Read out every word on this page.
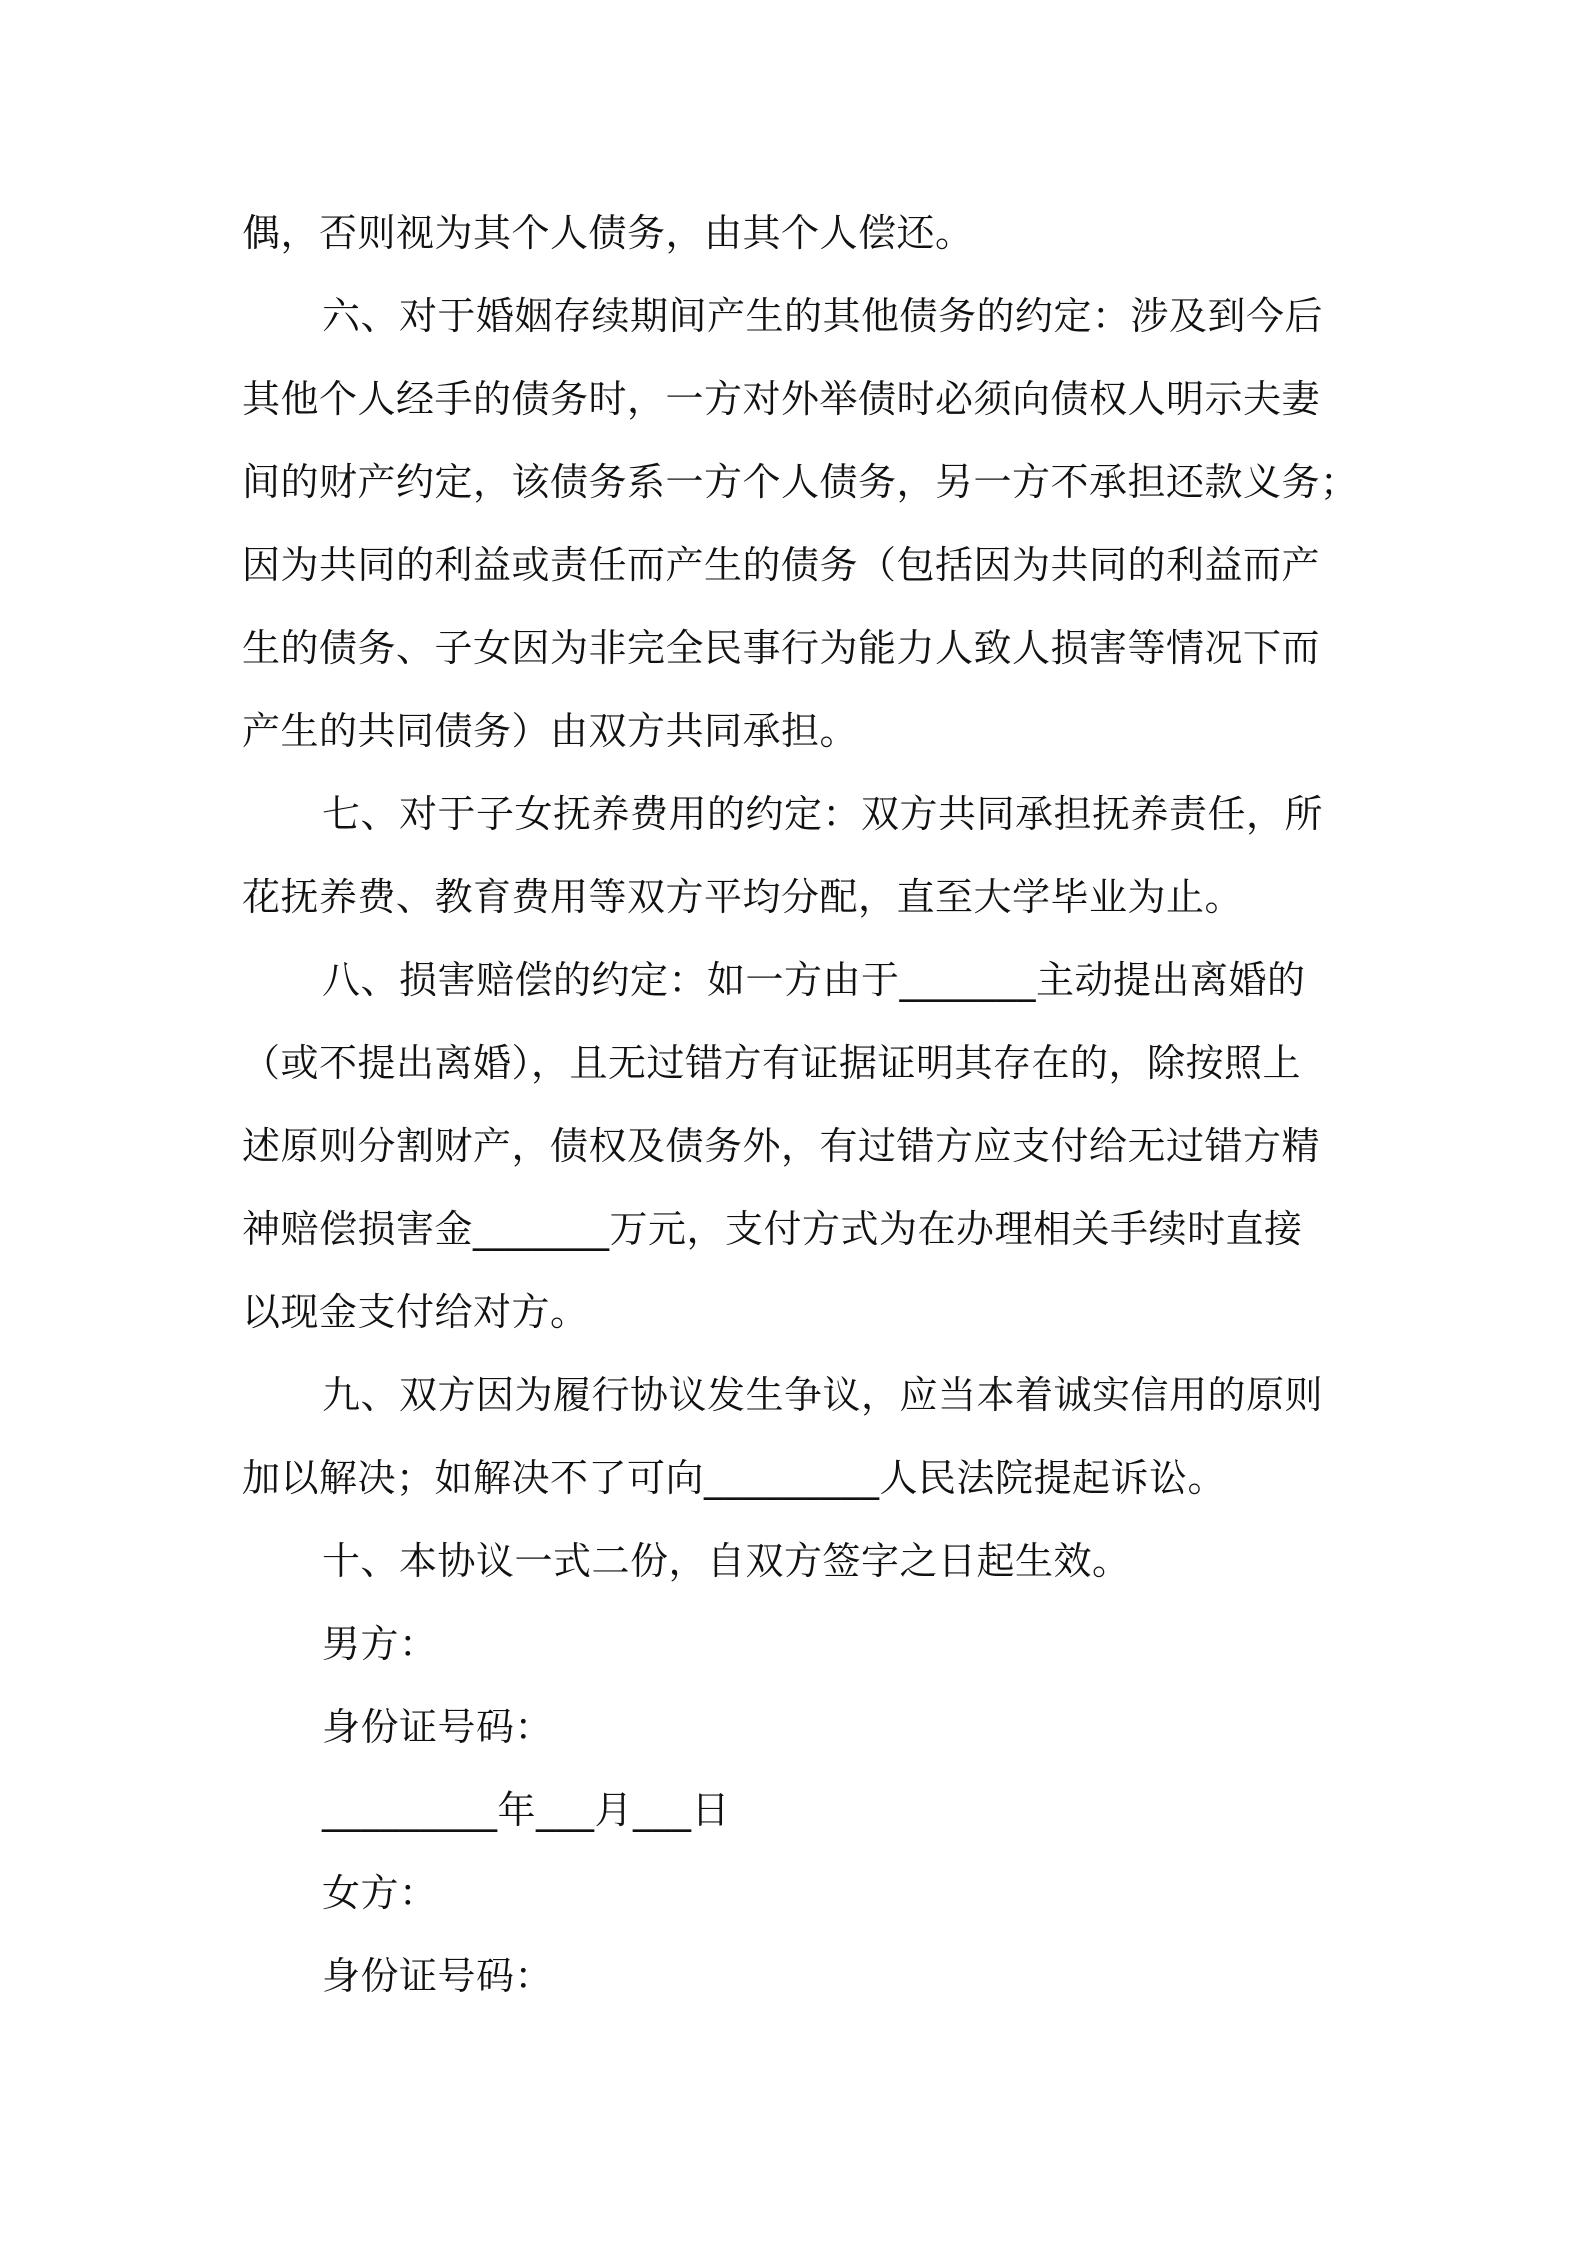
偶，否则视为其个人债务，由其个人偿还。
六、对于婚姻存续期间产生的其他债务的约定：涉及到今后
其他个人经手的债务时，一方对外举债时必须向债权人明示夫妻
间的财产约定，该债务系一方个人债务，另一方不承担还款义务；
因为共同的利益或责任而产生的债务（包括因为共同的利益而产
生的债务、子女因为非完全民事行为能力人致人损害等情况下而
产生的共同债务）由双方共同承担。
七、对于子女抚养费用的约定：双方共同承担抚养责任，所
花抚养费、教育费用等双方平均分配，直至大学毕业为止。
八、损害赔偿的约定：如一方由于_______主动提出离婚的
（或不提出离婚），且无过错方有证据证明其存在的，除按照上
述原则分割财产，债权及债务外，有过错方应支付给无过错方精
神赔偿损害金_______万元，支付方式为在办理相关手续时直接
以现金支付给对方。
九、双方因为履行协议发生争议，应当本着诚实信用的原则
加以解决；如解决不了可向_________人民法院提起诉讼。
十、本协议一式二份，自双方签字之日起生效。
男方：
身份证号码：
_________年___月___日
女方：
身份证号码：
